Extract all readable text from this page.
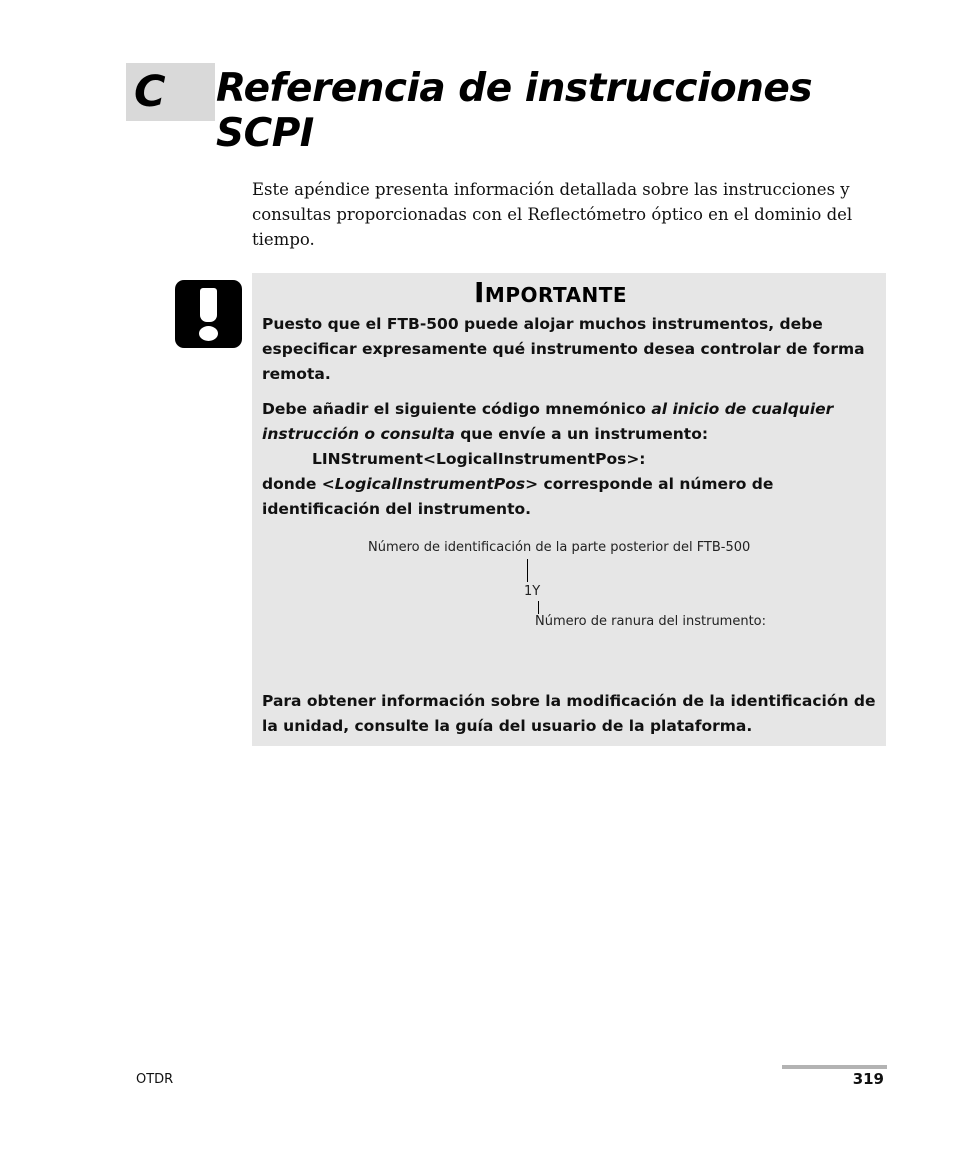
C Referencia de instrucciones SCPI

Este apéndice presenta información detallada sobre las instrucciones y consultas proporcionadas con el Reflectómetro óptico en el dominio del tiempo.

Importante

Puesto que el FTB-500 puede alojar muchos instrumentos, debe especificar expresamente qué instrumento desea controlar de forma remota.

Debe añadir el siguiente código mnemónico al inicio de cualquier instrucción o consulta que envíe a un instrumento:
LINStrument<LogicalInstrumentPos>:
donde <LogicalInstrumentPos> corresponde al número de identificación del instrumento.

Número de identificación de la parte posterior del FTB-500

1Y

Número de ranura del instrumento:

Para obtener información sobre la modificación de la identificación de la unidad, consulte la guía del usuario de la plataforma.

OTDR	319
